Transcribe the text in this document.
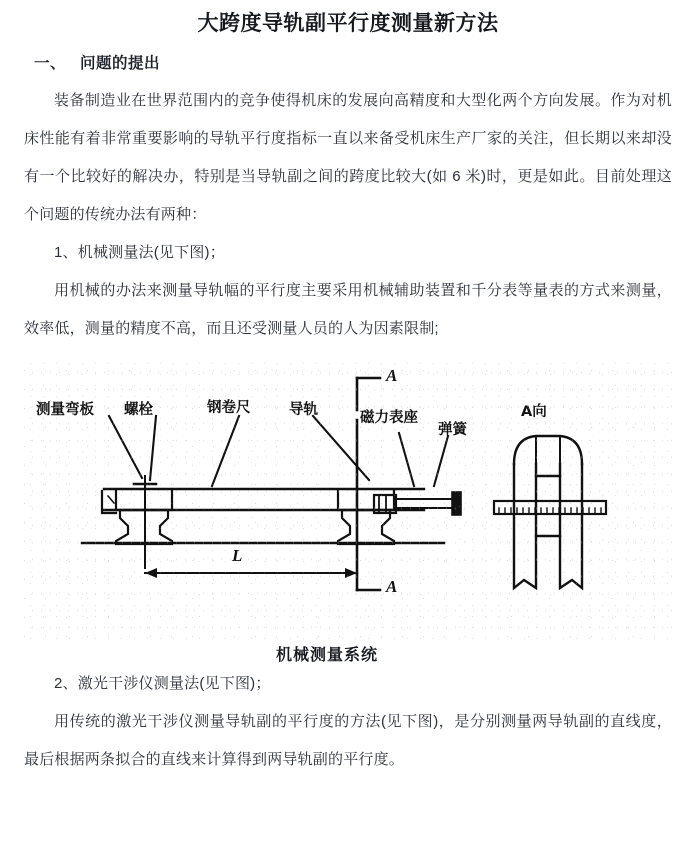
大跨度导轨副平行度测量新方法
一、 问题的提出

装备制造业在世界范围内的竞争使得机床的发展向高精度和大型化两个方向发展。作为对机床性能有着非常重要影响的导轨平行度指标一直以来备受机床生产厂家的关注，但长期以来却没有一个比较好的解决办，特别是当导轨副之间的跨度比较大(如 6 米)时，更是如此。目前处理这个问题的传统办法有两种：

1、机械测量法(见下图)；

用机械的办法来测量导轨幅的平行度主要采用机械辅助装置和千分表等量表的方式来测量，效率低，测量的精度不高，而且还受测量人员的人为因素限制;

测量弯板 螺栓	钢卷尺	导轨
A
磁力表座
弹簧
A向
L
A
机械测量系统

2、激光干涉仪测量法(见下图)；

用传统的激光干涉仪测量导轨副的平行度的方法(见下图)，是分别测量两导轨副的直线度，最后根据两条拟合的直线来计算得到两导轨副的平行度。
